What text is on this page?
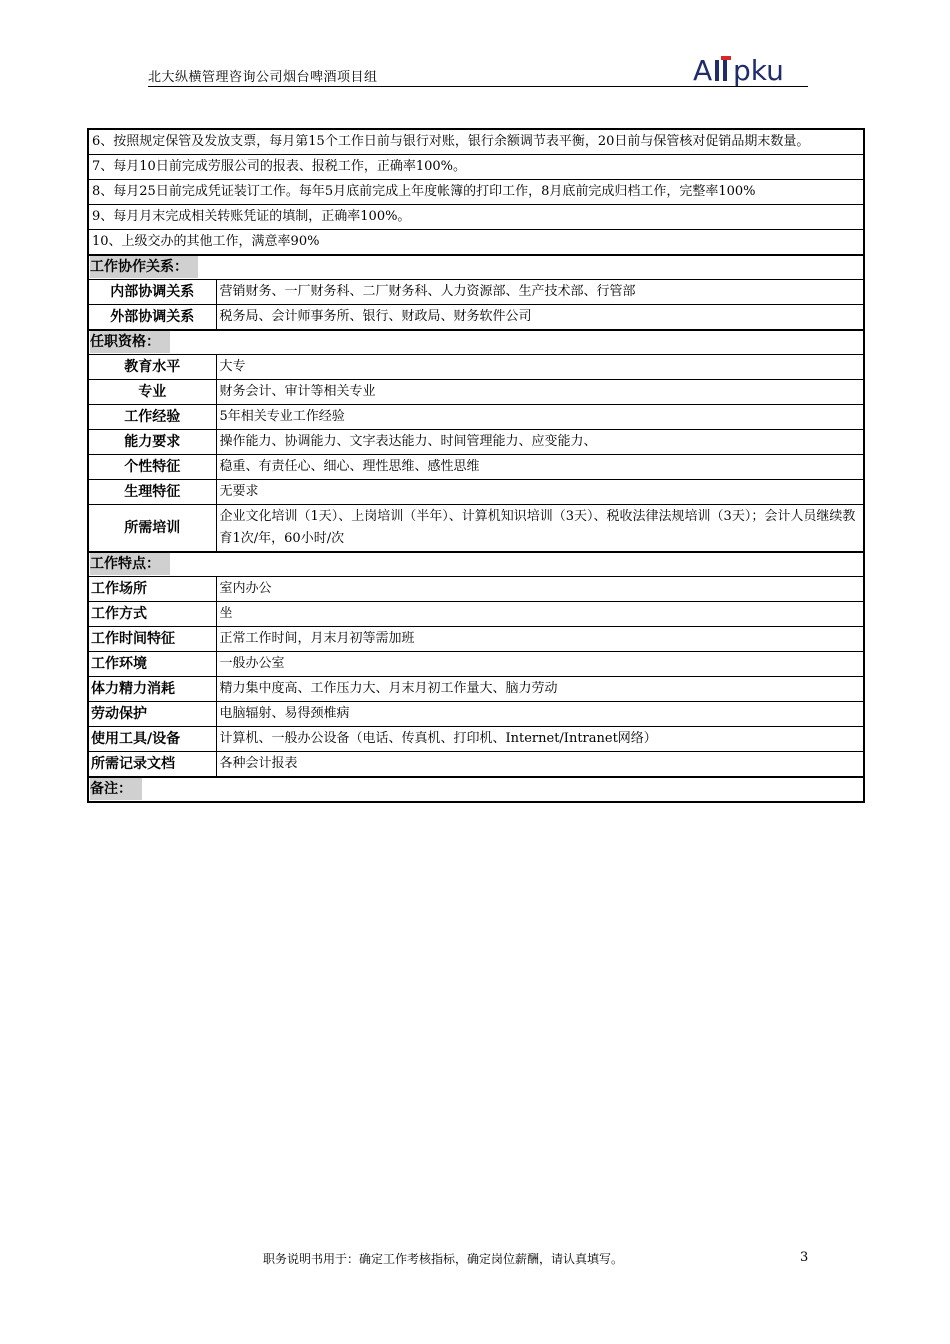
北大纵横管理咨询公司烟台啤酒项目组	A pku
6、按照规定保管及发放支票，每月第15个工作日前与银行对账，银行余额调节表平衡，20日前与保管核对促销品期末数量。	
7、每月10日前完成劳服公司的报表、报税工作，正确率100%。	
8、每月25日前完成凭证装订工作。每年5月底前完成上年度帐簿的打印工作，8月底前完成归档工作，完整率100%	
9、每月月末完成相关转账凭证的填制，正确率100%。	
10、上级交办的其他工作，满意率90%	
工作协作关系：	
内部协调关系	营销财务、一厂财务科、二厂财务科、人力资源部、生产技术部、行管部
外部协调关系	税务局、会计师事务所、银行、财政局、财务软件公司
任职资格：	
教育水平	大专
专业	财务会计、审计等相关专业
工作经验	5年相关专业工作经验
能力要求	操作能力、协调能力、文字表达能力、时间管理能力、应变能力、
个性特征	稳重、有责任心、细心、理性思维、感性思维
生理特征	无要求
所需培训	企业文化培训（1天）、上岗培训（半年）、计算机知识培训（3天）、税收法律法规培训（3天）；会计人员继续教育1次/年，60小时/次
工作特点：	
工作场所	室内办公
工作方式	坐
工作时间特征	正常工作时间，月末月初等需加班
工作环境	一般办公室
体力精力消耗	精力集中度高、工作压力大、月末月初工作量大、脑力劳动
劳动保护	电脑辐射、易得颈椎病
使用工具/设备	计算机、一般办公设备（电话、传真机、打印机、Internet/Intranet网络）
所需记录文档	各种会计报表
备注：	
职务说明书用于：确定工作考核指标，确定岗位薪酬，请认真填写。	3
